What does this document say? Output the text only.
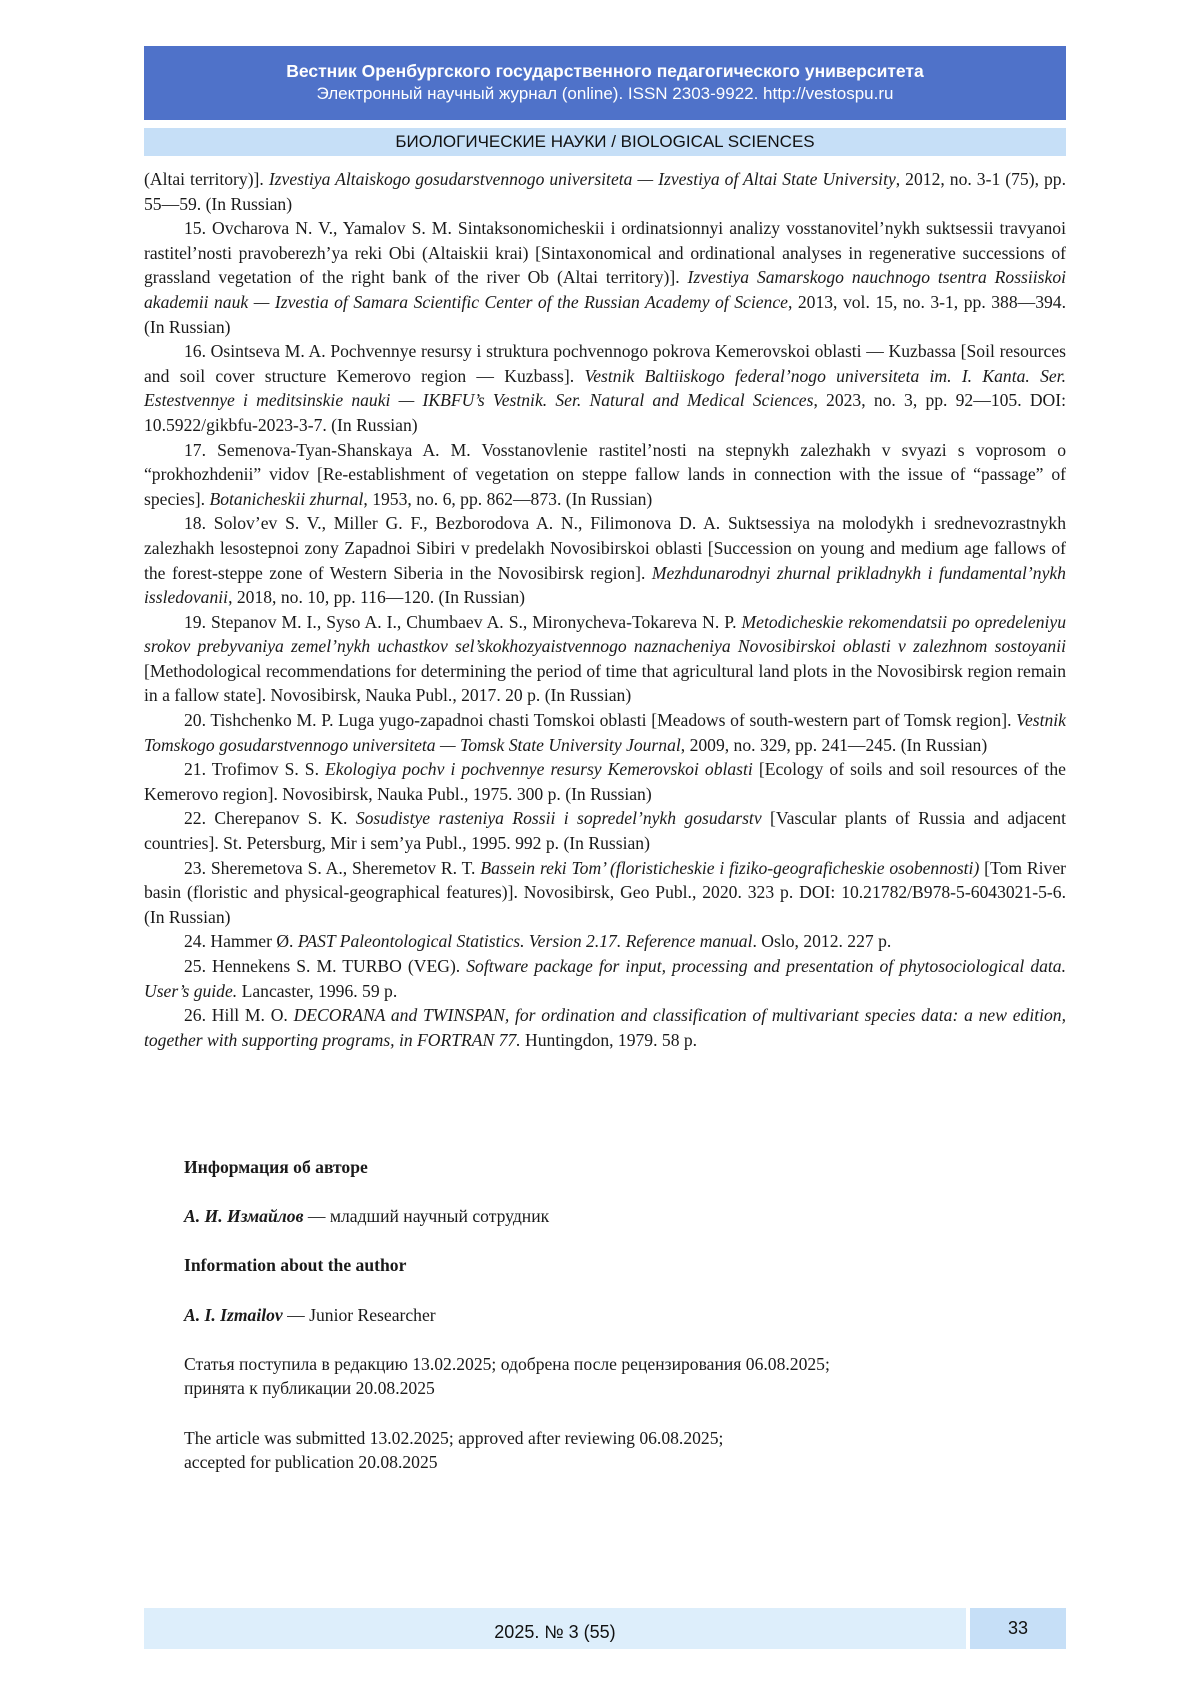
Вестник Оренбургского государственного педагогического университета
Электронный научный журнал (online). ISSN 2303-9922. http://vestospu.ru
БИОЛОГИЧЕСКИЕ НАУКИ / BIOLOGICAL SCIENCES

(Altai territory)]. Izvestiya Altaiskogo gosudarstvennogo universiteta — Izvestiya of Altai State University, 2012, no. 3-1 (75), pp. 55—59. (In Russian)

15. Ovcharova N. V., Yamalov S. M. Sintaksonomicheskii i ordinatsionnyi analizy vosstanovitel’nykh suktsessii travyanoi rastitel’nosti pravoberezh’ya reki Obi (Altaiskii krai) [Sintaxonomical and ordinational analyses in regenerative successions of grassland vegetation of the right bank of the river Ob (Altai territory)]. Izvestiya Samarskogo nauchnogo tsentra Rossiiskoi akademii nauk — Izvestia of Samara Scientific Center of the Russian Academy of Science, 2013, vol. 15, no. 3-1, pp. 388—394. (In Russian)

16. Osintseva M. A. Pochvennye resursy i struktura pochvennogo pokrova Kemerovskoi oblasti — Kuzbassa [Soil resources and soil cover structure Kemerovo region — Kuzbass]. Vestnik Baltiiskogo federal’nogo universiteta im. I. Kanta. Ser. Estestvennye i meditsinskie nauki — IKBFU’s Vestnik. Ser. Natural and Medical Sciences, 2023, no. 3, pp. 92—105. DOI: 10.5922/gikbfu-2023-3-7. (In Russian)

17. Semenova-Tyan-Shanskaya A. M. Vosstanovlenie rastitel’nosti na stepnykh zalezhakh v svyazi s voprosom o “prokhozhdenii” vidov [Re-establishment of vegetation on steppe fallow lands in connection with the issue of “passage” of species]. Botanicheskii zhurnal, 1953, no. 6, pp. 862—873. (In Russian)

18. Solov’ev S. V., Miller G. F., Bezborodova A. N., Filimonova D. A. Suktsessiya na molodykh i srednevozrastnykh zalezhakh lesostepnoi zony Zapadnoi Sibiri v predelakh Novosibirskoi oblasti [Succession on young and medium age fallows of the forest-steppe zone of Western Siberia in the Novosibirsk region]. Mezhdunarodnyi zhurnal prikladnykh i fundamental’nykh issledovanii, 2018, no. 10, pp. 116—120. (In Russian)

19. Stepanov M. I., Syso A. I., Chumbaev A. S., Mironycheva-Tokareva N. P. Metodicheskie rekomendatsii po opredeleniyu srokov prebyvaniya zemel’nykh uchastkov sel’skokhozyaistvennogo naznacheniya Novosibirskoi oblasti v zalezhnom sostoyanii [Methodological recommendations for determining the period of time that agricultural land plots in the Novosibirsk region remain in a fallow state]. Novosibirsk, Nauka Publ., 2017. 20 p. (In Russian)

20. Tishchenko M. P. Luga yugo-zapadnoi chasti Tomskoi oblasti [Meadows of south-western part of Tomsk region]. Vestnik Tomskogo gosudarstvennogo universiteta — Tomsk State University Journal, 2009, no. 329, pp. 241—245. (In Russian)

21. Trofimov S. S. Ekologiya pochv i pochvennye resursy Kemerovskoi oblasti [Ecology of soils and soil resources of the Kemerovo region]. Novosibirsk, Nauka Publ., 1975. 300 p. (In Russian)

22. Cherepanov S. K. Sosudistye rasteniya Rossii i sopredel’nykh gosudarstv [Vascular plants of Russia and adjacent countries]. St. Petersburg, Mir i sem’ya Publ., 1995. 992 p. (In Russian)

23. Sheremetova S. A., Sheremetov R. T. Bassein reki Tom’ (floristicheskie i fiziko-geograficheskie osobennosti) [Tom River basin (floristic and physical-geographical features)]. Novosibirsk, Geo Publ., 2020. 323 p. DOI: 10.21782/B978-5-6043021-5-6. (In Russian)

24. Hammer Ø. PAST Paleontological Statistics. Version 2.17. Reference manual. Oslo, 2012. 227 p.

25. Hennekens S. M. TURBO (VEG). Software package for input, processing and presentation of phytosociological data. User’s guide. Lancaster, 1996. 59 p.

26. Hill M. O. DECORANA and TWINSPAN, for ordination and classification of multivariant species data: a new edition, together with supporting programs, in FORTRAN 77. Huntingdon, 1979. 58 p.

Информация об авторе

А. И. Измайлов — младший научный сотрудник

Information about the author

A. I. Izmailov — Junior Researcher

Статья поступила в редакцию 13.02.2025; одобрена после рецензирования 06.08.2025;
принята к публикации 20.08.2025

The article was submitted 13.02.2025; approved after reviewing 06.08.2025;
accepted for publication 20.08.2025

2025. № 3 (55)	33
